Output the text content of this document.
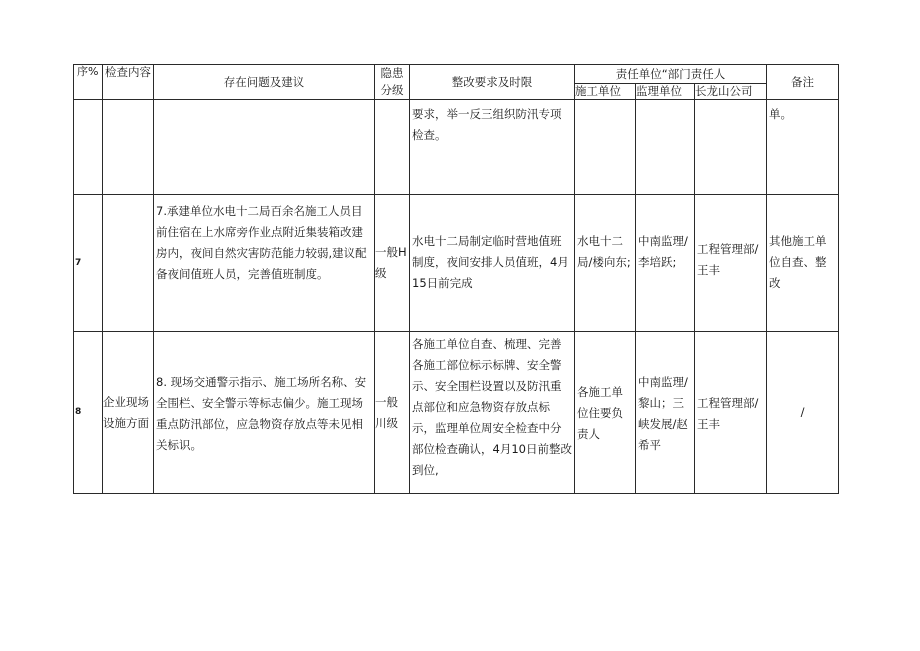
序%	检查内容	存在问题及建议	隐患分级	整改要求及时限	责任单位“部门责任人			备注
					施工单位	监理单位	长龙山公司	
				要求，举一反三组织防汛专项检查。				单。
7		7.承建单位水电十二局百余名施工人员目前住宿在上水席旁作业点附近集装箱改建房内，夜间自然灾害防范能力较弱,建议配备夜间值班人员，完善值班制度。	一般H级	水电十二局制定临时营地值班制度，夜间安排人员值班，4月15日前完成	水电十二局/楼向东;	中南监理/李培跃;	工程管理部/王丰	其他施工单位自查、整改
8	企业现场设施方面	8. 现场交通警示指示、施工场所名称、安全围栏、安全警示等标志偏少。施工现场重点防汛部位，应急物资存放点等未见相关标识。	一般川级	各施工单位自查、梳理、完善各施工部位标示标牌、安全警示、安全围栏设置以及防汛重点部位和应急物资存放点标示，监理单位周安全检查中分部位检查确认，4月10日前整改到位,	各施工单位住要负责人	中南监理/黎山；三峡发展/赵希平	工程管理部/王丰	/
